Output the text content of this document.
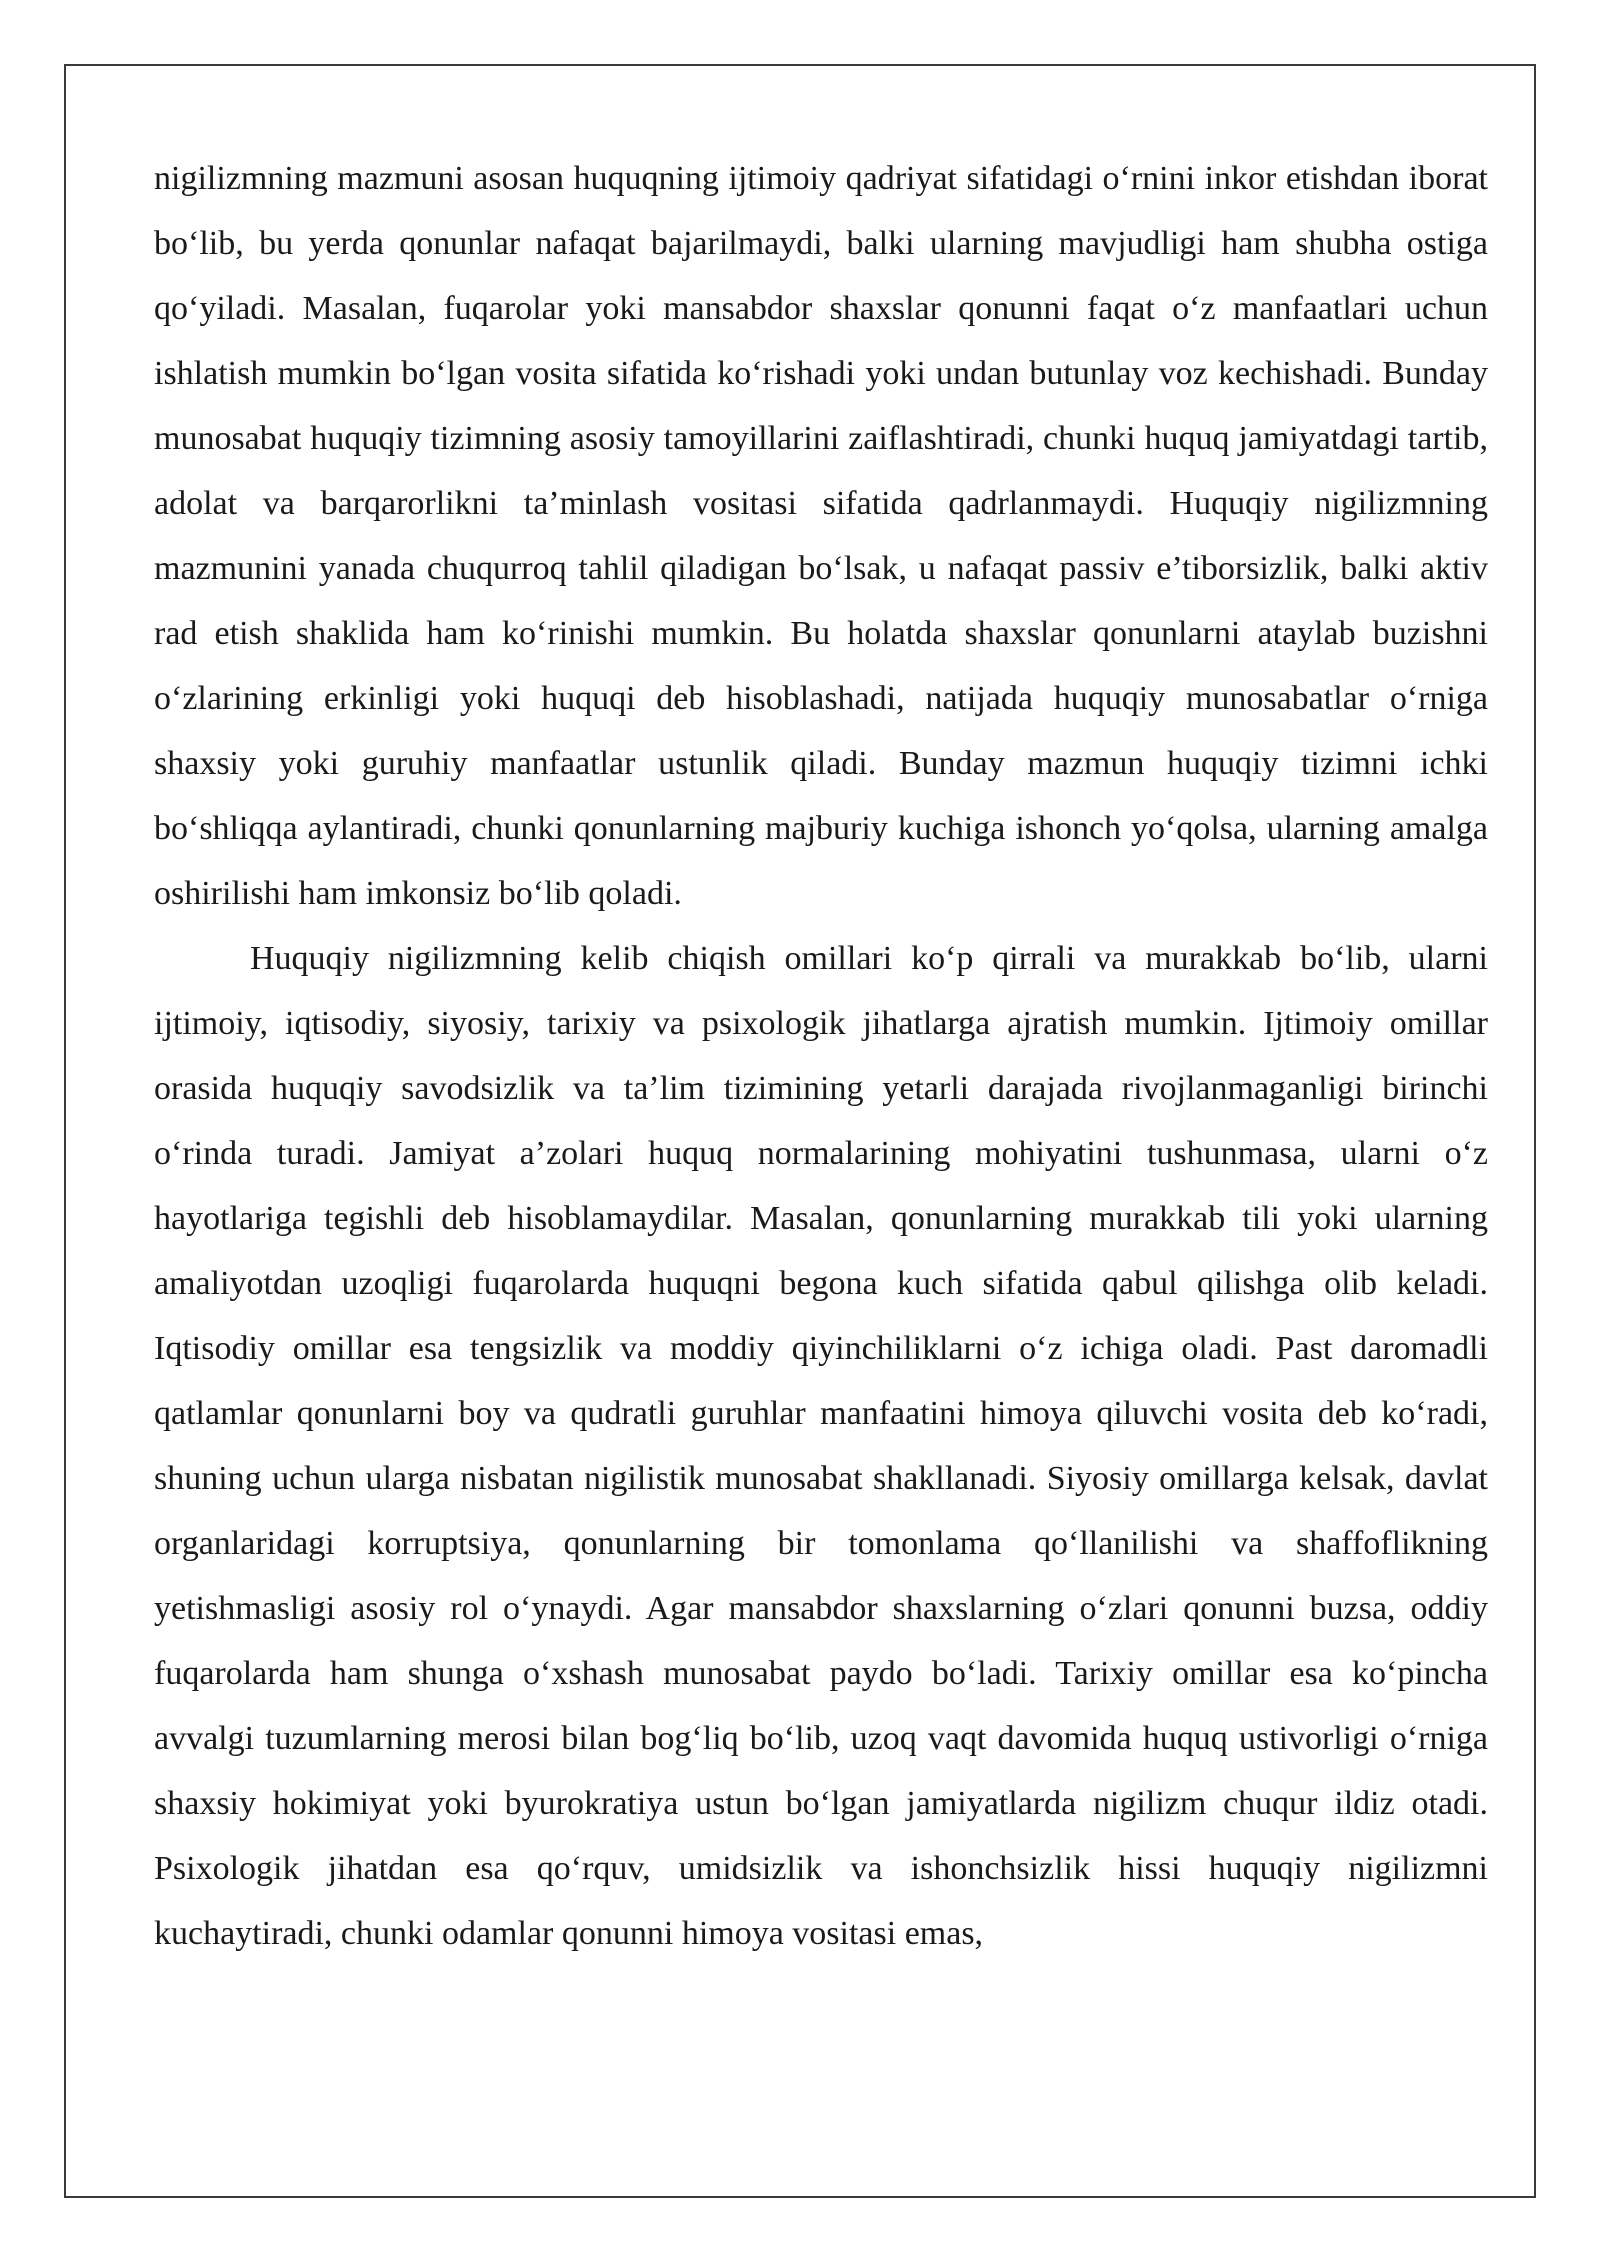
nigilizmning mazmuni asosan huquqning ijtimoiy qadriyat sifatidagi o‘rnini inkor etishdan iborat bo‘lib, bu yerda qonunlar nafaqat bajarilmaydi, balki ularning mavjudligi ham shubha ostiga qo‘yiladi. Masalan, fuqarolar yoki mansabdor shaxslar qonunni faqat o‘z manfaatlari uchun ishlatish mumkin bo‘lgan vosita sifatida ko‘rishadi yoki undan butunlay voz kechishadi. Bunday munosabat huquqiy tizimning asosiy tamoyillarini zaiflashtiradi, chunki huquq jamiyatdagi tartib, adolat va barqarorlikni ta’minlash vositasi sifatida qadrlanmaydi. Huquqiy nigilizmning mazmunini yanada chuqurroq tahlil qiladigan bo‘lsak, u nafaqat passiv e’tiborsizlik, balki aktiv rad etish shaklida ham ko‘rinishi mumkin. Bu holatda shaxslar qonunlarni ataylab buzishni o‘zlarining erkinligi yoki huquqi deb hisoblashadi, natijada huquqiy munosabatlar o‘rniga shaxsiy yoki guruhiy manfaatlar ustunlik qiladi. Bunday mazmun huquqiy tizimni ichki bo‘shliqqa aylantiradi, chunki qonunlarning majburiy kuchiga ishonch yo‘qolsa, ularning amalga oshirilishi ham imkonsiz bo‘lib qoladi.

Huquqiy nigilizmning kelib chiqish omillari ko‘p qirrali va murakkab bo‘lib, ularni ijtimoiy, iqtisodiy, siyosiy, tarixiy va psixologik jihatlarga ajratish mumkin. Ijtimoiy omillar orasida huquqiy savodsizlik va ta’lim tizimining yetarli darajada rivojlanmaganligi birinchi o‘rinda turadi. Jamiyat a’zolari huquq normalarining mohiyatini tushunmasa, ularni o‘z hayotlariga tegishli deb hisoblamaydilar. Masalan, qonunlarning murakkab tili yoki ularning amaliyotdan uzoqligi fuqarolarda huquqni begona kuch sifatida qabul qilishga olib keladi. Iqtisodiy omillar esa tengsizlik va moddiy qiyinchiliklarni o‘z ichiga oladi. Past daromadli qatlamlar qonunlarni boy va qudratli guruhlar manfaatini himoya qiluvchi vosita deb ko‘radi, shuning uchun ularga nisbatan nigilistik munosabat shakllanadi. Siyosiy omillarga kelsak, davlat organlaridagi korruptsiya, qonunlarning bir tomonlama qo‘llanilishi va shaffoflikning yetishmasligi asosiy rol o‘ynaydi. Agar mansabdor shaxslarning o‘zlari qonunni buzsa, oddiy fuqarolarda ham shunga o‘xshash munosabat paydo bo‘ladi. Tarixiy omillar esa ko‘pincha avvalgi tuzumlarning merosi bilan bog‘liq bo‘lib, uzoq vaqt davomida huquq ustivorligi o‘rniga shaxsiy hokimiyat yoki byurokratiya ustun bo‘lgan jamiyatlarda nigilizm chuqur ildiz otadi. Psixologik jihatdan esa qo‘rquv, umidsizlik va ishonchsizlik hissi huquqiy nigilizmni kuchaytiradi, chunki odamlar qonunni himoya vositasi emas,
